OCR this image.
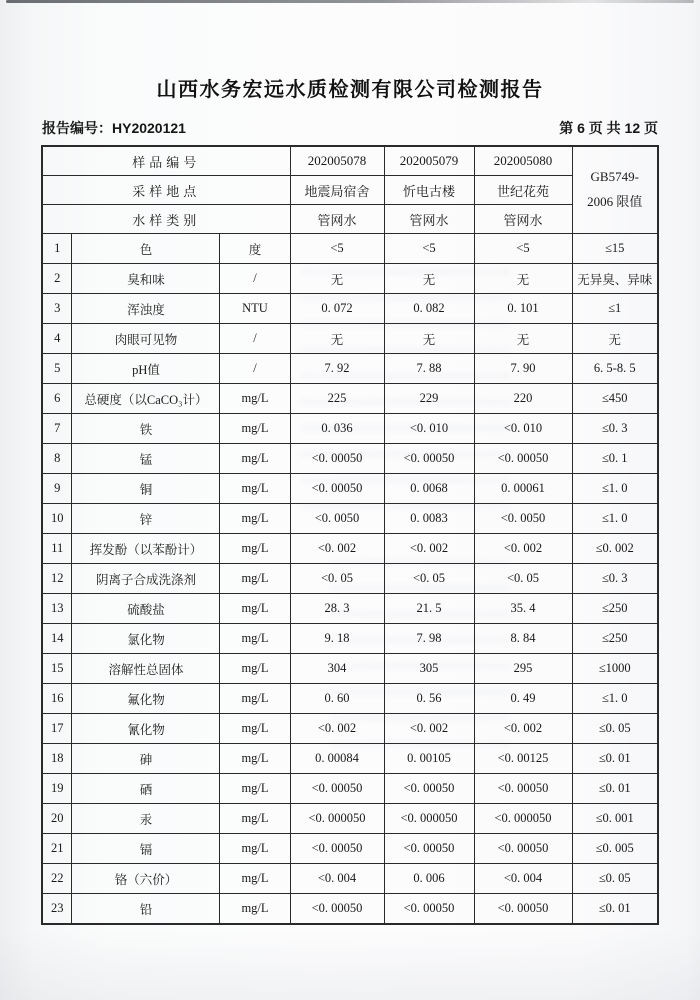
山西水务宏远水质检测有限公司检测报告
报告编号：HY2020121	第 6 页 共 12 页
样品编号			202005078	202005079	202005080	GB5749-
2006 限值

采样地点			地震局宿舍	忻电古楼	世纪花苑	
水样类别			管网水	管网水	管网水	
1	色	度	<5	<5	<5	≤15
2	臭和味	/	无	无	无	无异臭、异味
3	浑浊度	NTU	0. 072	0. 082	0. 101	≤1
4	肉眼可见物	/	无	无	无	无
5	pH值	/	7. 92	7. 88	7. 90	6. 5-8. 5
6	总硬度（以CaCO₃计）	mg/L	225	229	220	≤450
7	铁	mg/L	0. 036	<0. 010	<0. 010	≤0. 3
8	锰	mg/L	<0. 00050	<0. 00050	<0. 00050	≤0. 1
9	铜	mg/L	<0. 00050	0. 0068	0. 00061	≤1. 0
10	锌	mg/L	<0. 0050	0. 0083	<0. 0050	≤1. 0
11	挥发酚（以苯酚计）	mg/L	<0. 002	<0. 002	<0. 002	≤0. 002
12	阴离子合成洗涤剂	mg/L	<0. 05	<0. 05	<0. 05	≤0. 3
13	硫酸盐	mg/L	28. 3	21. 5	35. 4	≤250
14	氯化物	mg/L	9. 18	7. 98	8. 84	≤250
15	溶解性总固体	mg/L	304	305	295	≤1000
16	氟化物	mg/L	0. 60	0. 56	0. 49	≤1. 0
17	氰化物	mg/L	<0. 002	<0. 002	<0. 002	≤0. 05
18	砷	mg/L	0. 00084	0. 00105	<0. 00125	≤0. 01
19	硒	mg/L	<0. 00050	<0. 00050	<0. 00050	≤0. 01
20	汞	mg/L	<0. 000050	<0. 000050	<0. 000050	≤0. 001
21	镉	mg/L	<0. 00050	<0. 00050	<0. 00050	≤0. 005
22	铬（六价）	mg/L	<0. 004	0. 006	<0. 004	≤0. 05
23	铅	mg/L	<0. 00050	<0. 00050	<0. 00050	≤0. 01
